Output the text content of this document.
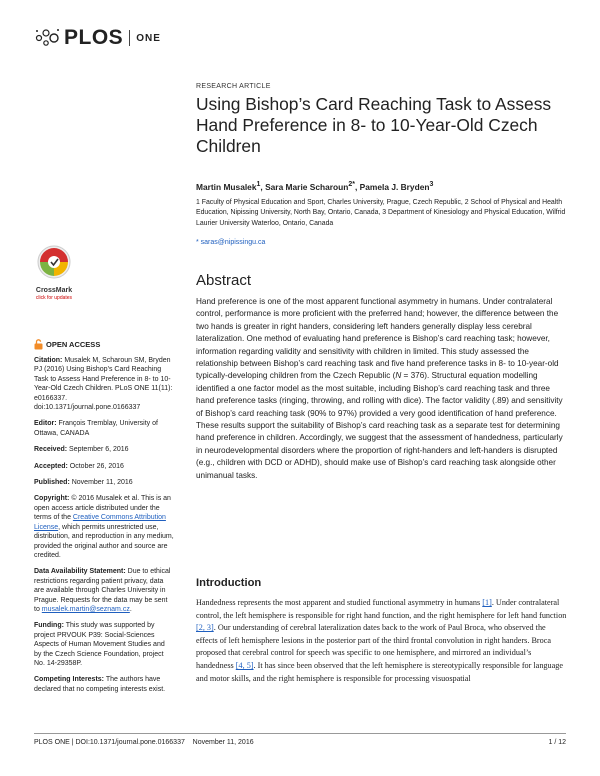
PLOS ONE
CrossMark
click for updates
OPEN ACCESS

Citation: Musalek M, Scharoun SM, Bryden PJ (2016) Using Bishop’s Card Reaching Task to Assess Hand Preference in 8- to 10-Year-Old Czech Children. PLoS ONE 11(11): e0166337. doi:10.1371/journal.pone.0166337

Editor: François Tremblay, University of Ottawa, CANADA

Received: September 6, 2016

Accepted: October 26, 2016

Published: November 11, 2016

Copyright: © 2016 Musalek et al. This is an open access article distributed under the terms of the Creative Commons Attribution License, which permits unrestricted use, distribution, and reproduction in any medium, provided the original author and source are credited.

Data Availability Statement: Due to ethical restrictions regarding patient privacy, data are available through Charles University in Prague. Requests for the data may be sent to musalek.martin@seznam.cz.

Funding: This study was supported by project PRVOUK P39: Social-Sciences Aspects of Human Movement Studies and by the Czech Science Foundation, project No. 14-29358P.

Competing Interests: The authors have declared that no competing interests exist.

RESEARCH ARTICLE
Using Bishop’s Card Reaching Task to Assess Hand Preference in 8- to 10-Year-Old Czech Children
Martin Musalek$^1$, Sara Marie Scharoun$^{2*}$, Pamela J. Bryden$^3$
1 Faculty of Physical Education and Sport, Charles University, Prague, Czech Republic, 2 School of Physical and Health Education, Nipissing University, North Bay, Ontario, Canada, 3 Department of Kinesiology and Physical Education, Wilfrid Laurier University Waterloo, Ontario, Canada
* saras@nipissingu.ca
Abstract

Hand preference is one of the most apparent functional asymmetry in humans. Under contralateral control, performance is more proficient with the preferred hand; however, the difference between the two hands is greater in right handers, considering left handers generally display less cerebral lateralization. One method of evaluating hand preference is Bishop’s card reaching task; however, information regarding validity and sensitivity with children in limited. This study assessed the relationship between Bishop’s card reaching task and five hand preference tasks in 8- to 10-year-old typically-developing children from the Czech Republic (N = 376). Structural equation modelling identified a one factor model as the most suitable, including Bishop’s card reaching task and three hand preference tasks (ringing, throwing, and rolling with dice). The factor validity (.89) and sensitivity of Bishop’s card reaching task (90% to 97%) provided a very good identification of hand preference. These results support the suitability of Bishop’s card reaching task as a separate test for determining hand preference in children. Accordingly, we suggest that the assessment of handedness, particularly in neurodevelopmental disorders where the proportion of right-handers and left-handers is disrupted (e.g., children with DCD or ADHD), should make use of Bishop’s card reaching task alongside other unimanual tasks.

Introduction

Handedness represents the most apparent and studied functional asymmetry in humans [1]. Under contralateral control, the left hemisphere is responsible for right hand function, and the right hemisphere for left hand function [2, 3]. Our understanding of cerebral lateralization dates back to the work of Paul Broca, who observed the effects of left hemisphere lesions in the posterior part of the third frontal convolution in right handers. Broca proposed that cerebral control for speech was specific to one hemisphere, and mirrored an individual’s handedness [4, 5]. It has since been observed that the left hemisphere is stereotypically responsible for language and motor skills, and the right hemisphere is responsible for processing visuospatial

PLOS ONE | DOI:10.1371/journal.pone.0166337    November 11, 2016	1 / 12
